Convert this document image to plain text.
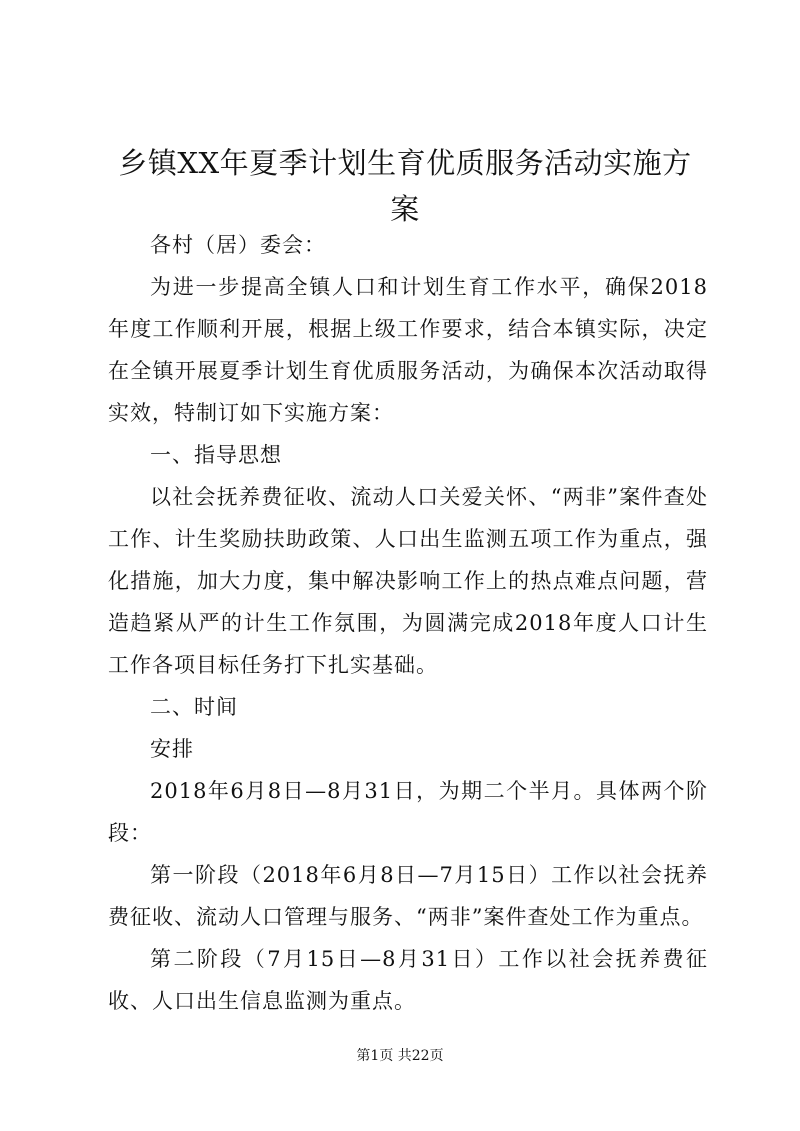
乡镇XX年夏季计划生育优质服务活动实施方案

各村（居）委会：

为进一步提高全镇人口和计划生育工作水平，确保2018年度工作顺利开展，根据上级工作要求，结合本镇实际，决定在全镇开展夏季计划生育优质服务活动，为确保本次活动取得实效，特制订如下实施方案：

一、指导思想

以社会抚养费征收、流动人口关爱关怀、“两非”案件查处工作、计生奖励扶助政策、人口出生监测五项工作为重点，强化措施，加大力度，集中解决影响工作上的热点难点问题，营造趋紧从严的计生工作氛围，为圆满完成2018年度人口计生工作各项目标任务打下扎实基础。

二、时间

安排

2018年6月8日—8月31日，为期二个半月。具体两个阶段：

第一阶段（2018年6月8日—7月15日）工作以社会抚养费征收、流动人口管理与服务、“两非”案件查处工作为重点。

第二阶段（7月15日—8月31日）工作以社会抚养费征收、人口出生信息监测为重点。

第1页 共22页
